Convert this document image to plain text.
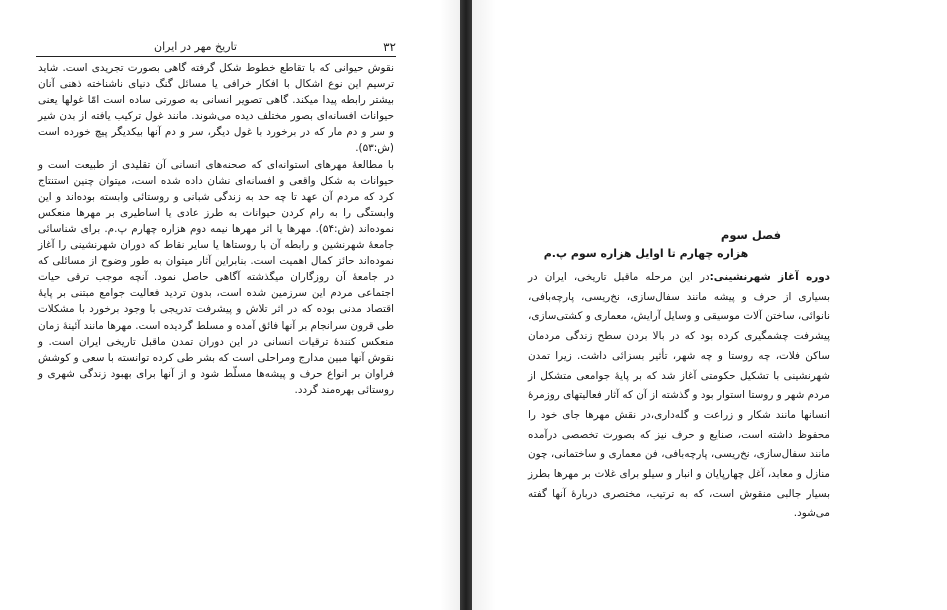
۳۲
تاریخ مهر در ایران

نقوش حیوانی که با تقاطع خطوط شکل گرفته گاهی بصورت تجریدی است. شاید ترسیم این نوع اشکال با افکار خرافی یا مسائل گنگ دنیای ناشناخته ذهنی آنان بیشتر رابطه پیدا میکند. گاهی تصویر انسانی به صورتی ساده است امّا غولها یعنی حیوانات افسانه‌ای بصور مختلف دیده می‌شوند. مانند غول ترکیب یافته از بدن شیر و سر و دم مار که در برخورد با غول دیگر، سر و دم آنها بیکدیگر پیچ خورده است (ش:۵۳).

با مطالعهٔ مهرهای استوانه‌ای که صحنه‌های انسانی آن تقلیدی از طبیعت است و حیوانات به شکل واقعی و افسانه‌ای نشان داده شده است، میتوان چنین استنتاج کرد که مردم آن عهد تا چه حد به زندگی شبانی و روستائی وابسته بوده‌اند و این وابستگی را به رام کردن حیوانات به طرز عادی یا اساطیری بر مهرها منعکس نموده‌اند (ش:۵۴). مهرها یا اثر مهرها نیمه دوم هزاره چهارم پ.م. برای شناسائی جامعهٔ شهرنشین و رابطه آن با روستاها یا سایر نقاط که دوران شهرنشینی را آغاز نموده‌اند حائز کمال اهمیت است. بنابراین آثار میتوان به طور وضوح از مسائلی که در جامعهٔ آن روزگاران میگذشته آگاهی حاصل نمود. آنچه موجب ترقی حیات اجتماعی مردم این سرزمین شده است، بدون تردید فعالیت جوامع مبتنی بر پایهٔ اقتصاد مدنی بوده که در اثر تلاش و پیشرفت تدریجی با وجود برخورد با مشکلات طی قرون سرانجام بر آنها فائق آمده و مسلط گردیده است. مهرها مانند آئینهٔ زمان منعکس کنندهٔ ترقیات انسانی در این دوران تمدن ماقبل تاریخی ایران است. و نقوش آنها مبین مدارج ومراحلی است که بشر طی کرده توانسته با سعی و کوشش فراوان بر انواع حرف و پیشه‌ها مسلّط شود و از آنها برای بهبود زندگی شهری و روستائی بهره‌مند گردد.

فصل سوم
هزاره چهارم تا اوایل هزاره سوم پ.م

دوره آغاز شهرنشینی:در این مرحله ماقبل تاریخی، ایران در بسیاری از حرف و پیشه مانند سفال‌سازی، نخ‌ریسی، پارچه‌بافی، نانوائی، ساختن آلات موسیقی و وسایل آرایش، معماری و کشتی‌سازی، پیشرفت چشمگیری کرده بود که در بالا بردن سطح زندگی مردمان ساکن فلات، چه روستا و چه شهر، تأثیر بسزائی داشت. زیرا تمدن شهرنشینی با تشکیل حکومتی آغاز شد که بر پایهٔ جوامعی متشکل از مردم شهر و روستا استوار بود و گذشته از آن که آثار فعالیتهای روزمرهٔ انسانها مانند شکار و زراعت و گله‌داری،در نقش مهرها جای خود را محفوظ داشته است، صنایع و حرف نیز که بصورت تخصصی درآمده مانند سفال‌سازی، نخ‌ریسی، پارچه‌بافی، فن معماری و ساختمانی، چون منازل و معابد، آغل چهارپایان و انبار و سیلو برای غلات بر مهرها بطرز بسیار جالبی منقوش است، که به ترتیب، مختصری دربارهٔ آنها گفته می‌شود.
